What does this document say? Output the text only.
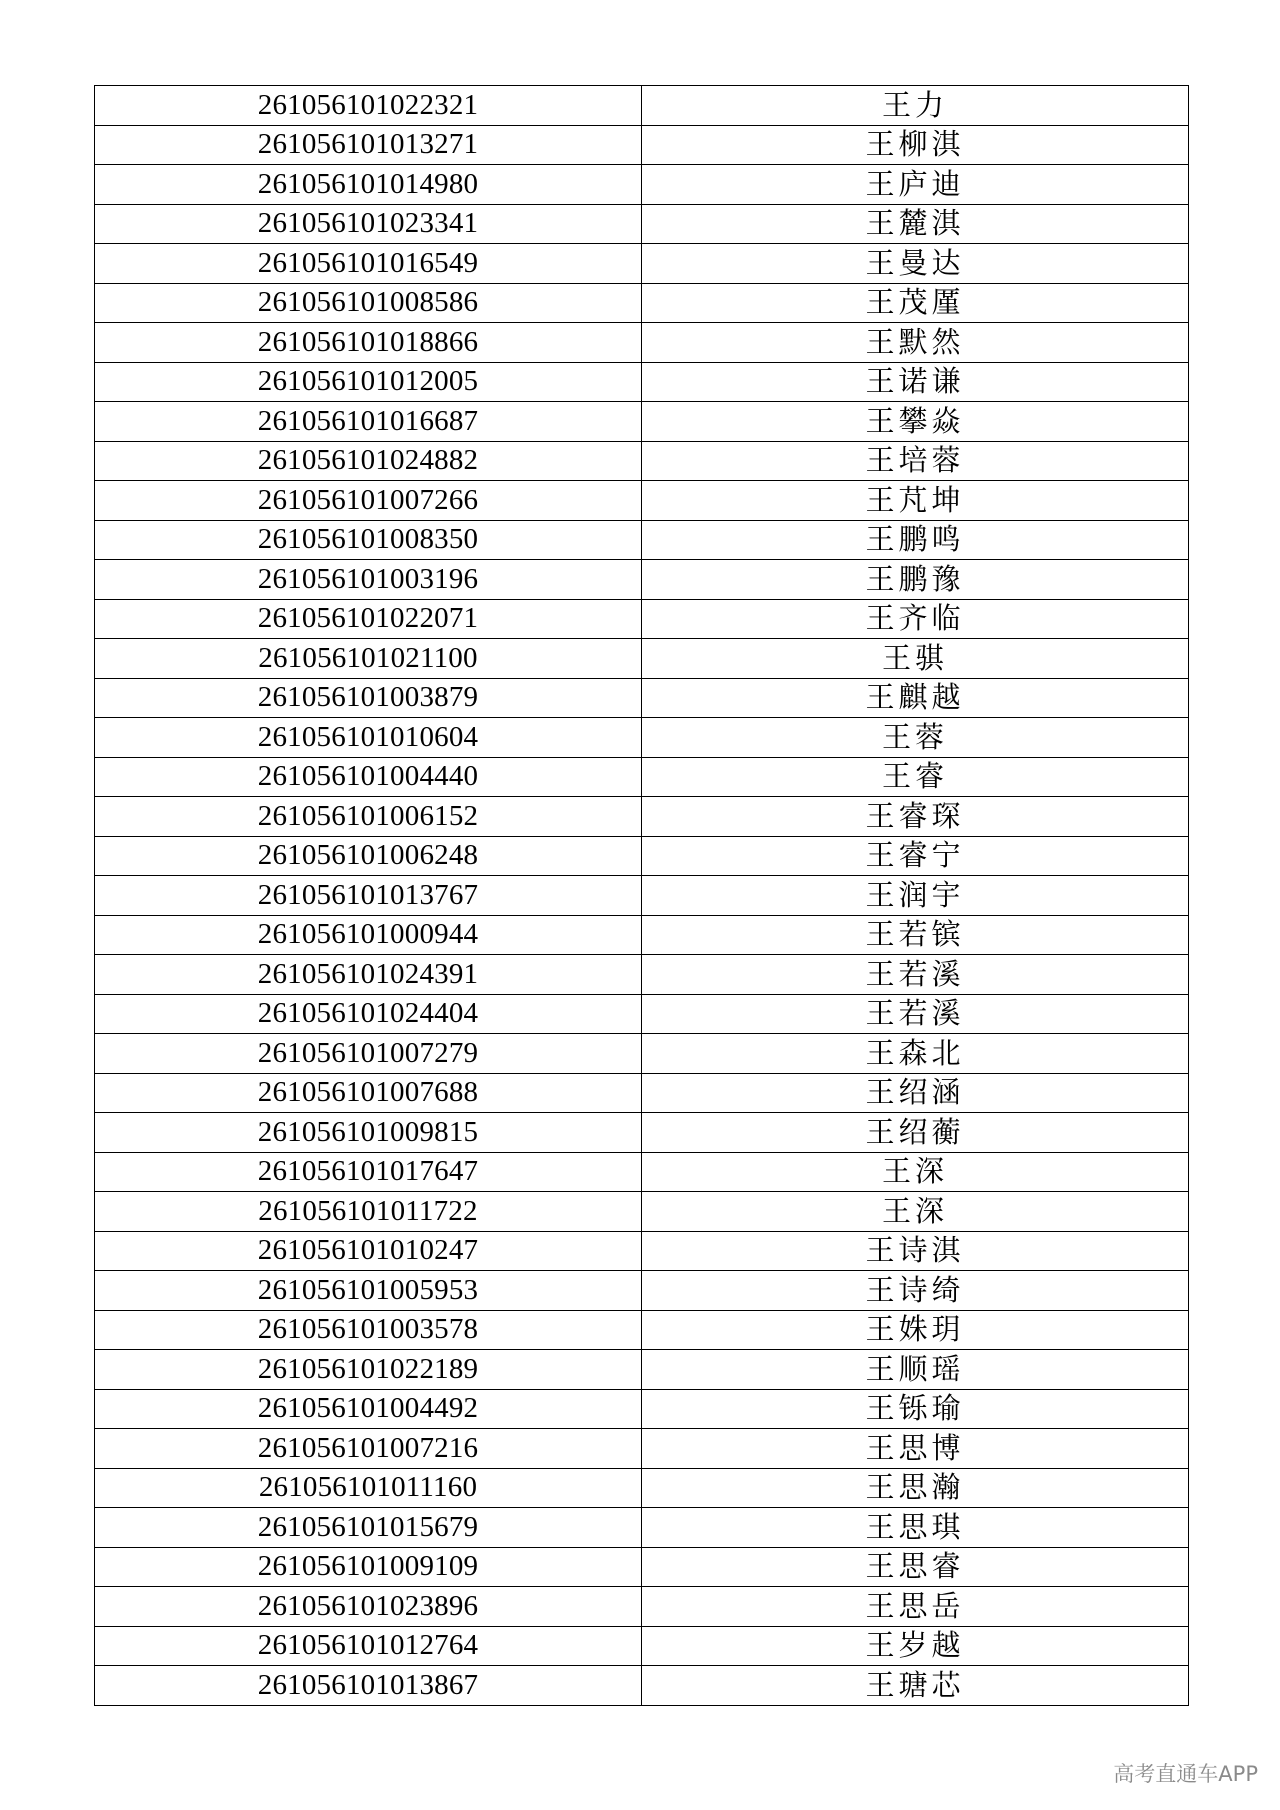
261056101022321	王力
261056101013271	王柳淇
261056101014980	王庐迪
261056101023341	王麓淇
261056101016549	王曼达
261056101008586	王茂厪
261056101018866	王默然
261056101012005	王诺谦
261056101016687	王攀焱
261056101024882	王培蓉
261056101007266	王芃坤
261056101008350	王鹏鸣
261056101003196	王鹏豫
261056101022071	王齐临
261056101021100	王骐
261056101003879	王麒越
261056101010604	王蓉
261056101004440	王睿
261056101006152	王睿琛
261056101006248	王睿宁
261056101013767	王润宇
261056101000944	王若镔
261056101024391	王若溪
261056101024404	王若溪
261056101007279	王森北
261056101007688	王绍涵
261056101009815	王绍蘅
261056101017647	王深
261056101011722	王深
261056101010247	王诗淇
261056101005953	王诗绮
261056101003578	王姝玥
261056101022189	王顺瑶
261056101004492	王铄瑜
261056101007216	王思博
261056101011160	王思瀚
261056101015679	王思琪
261056101009109	王思睿
261056101023896	王思岳
261056101012764	王岁越
261056101013867	王瑭芯
高考直通车APP
